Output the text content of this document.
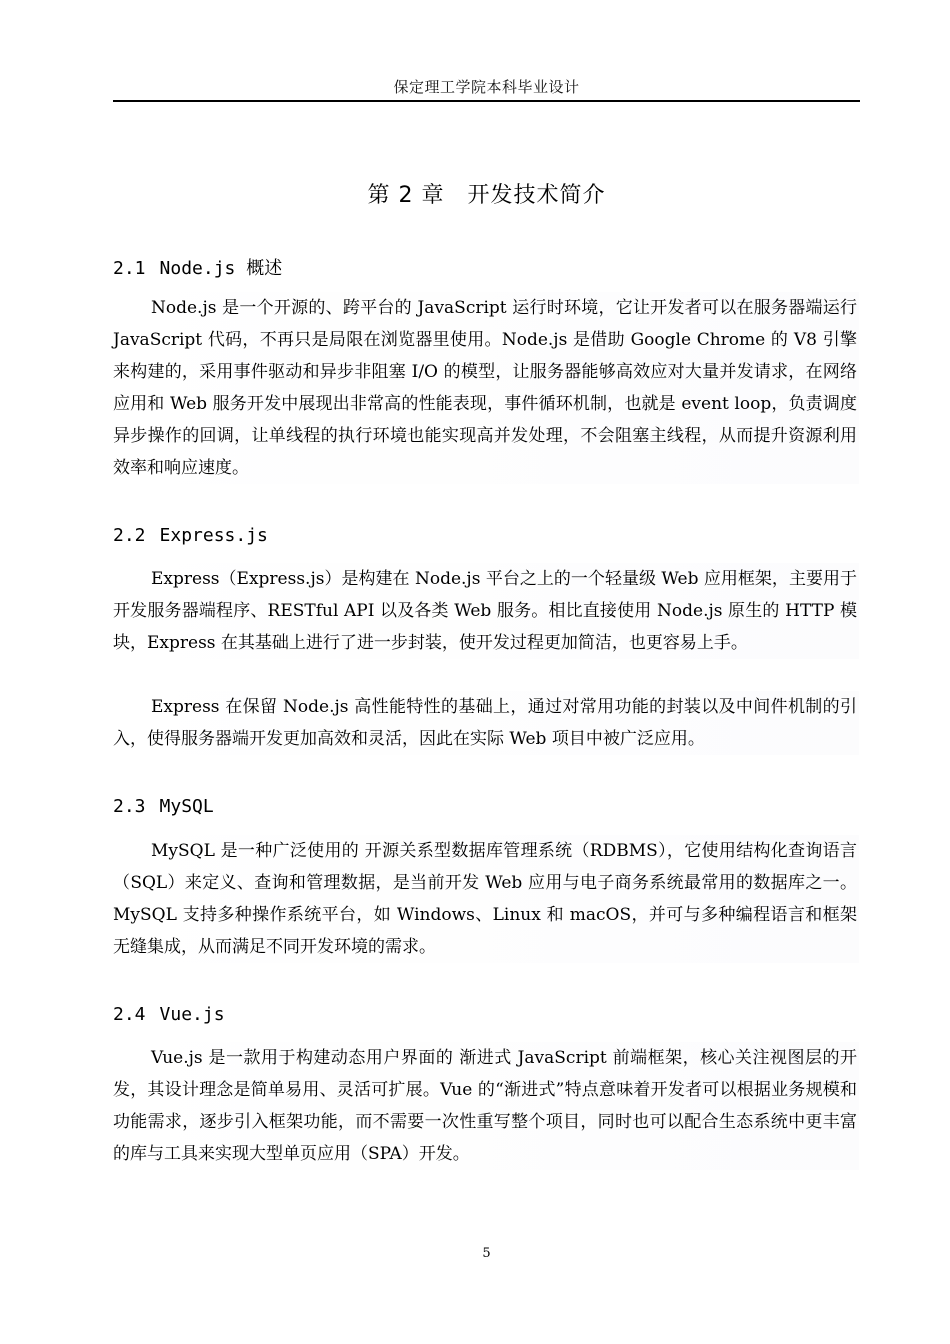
保定理工学院本科毕业设计
第 2 章　开发技术简介
2.1 Node.js 概述
Node.js 是一个开源的、跨平台的 JavaScript 运行时环境，它让开发者可以在服务器端运行 JavaScript 代码，不再只是局限在浏览器里使用。Node.js 是借助 Google Chrome 的 V8 引擎来构建的，采用事件驱动和异步非阻塞 I/O 的模型，让服务器能够高效应对大量并发请求，在网络应用和 Web 服务开发中展现出非常高的性能表现，事件循环机制，也就是 event loop，负责调度异步操作的回调，让单线程的执行环境也能实现高并发处理，不会阻塞主线程，从而提升资源利用效率和响应速度。
2.2 Express.js
Express（Express.js）是构建在 Node.js 平台之上的一个轻量级 Web 应用框架，主要用于开发服务器端程序、RESTful API 以及各类 Web 服务。相比直接使用 Node.js 原生的 HTTP 模块，Express 在其基础上进行了进一步封装，使开发过程更加简洁，也更容易上手。
Express 在保留 Node.js 高性能特性的基础上，通过对常用功能的封装以及中间件机制的引入，使得服务器端开发更加高效和灵活，因此在实际 Web 项目中被广泛应用。
2.3 MySQL
MySQL 是一种广泛使用的 开源关系型数据库管理系统（RDBMS），它使用结构化查询语言（SQL）来定义、查询和管理数据，是当前开发 Web 应用与电子商务系统最常用的数据库之一。MySQL 支持多种操作系统平台，如 Windows、Linux 和 macOS，并可与多种编程语言和框架无缝集成，从而满足不同开发环境的需求。
2.4 Vue.js
Vue.js 是一款用于构建动态用户界面的 渐进式 JavaScript 前端框架，核心关注视图层的开发，其设计理念是简单易用、灵活可扩展。Vue 的“渐进式”特点意味着开发者可以根据业务规模和功能需求，逐步引入框架功能，而不需要一次性重写整个项目，同时也可以配合生态系统中更丰富的库与工具来实现大型单页应用（SPA）开发。
5
